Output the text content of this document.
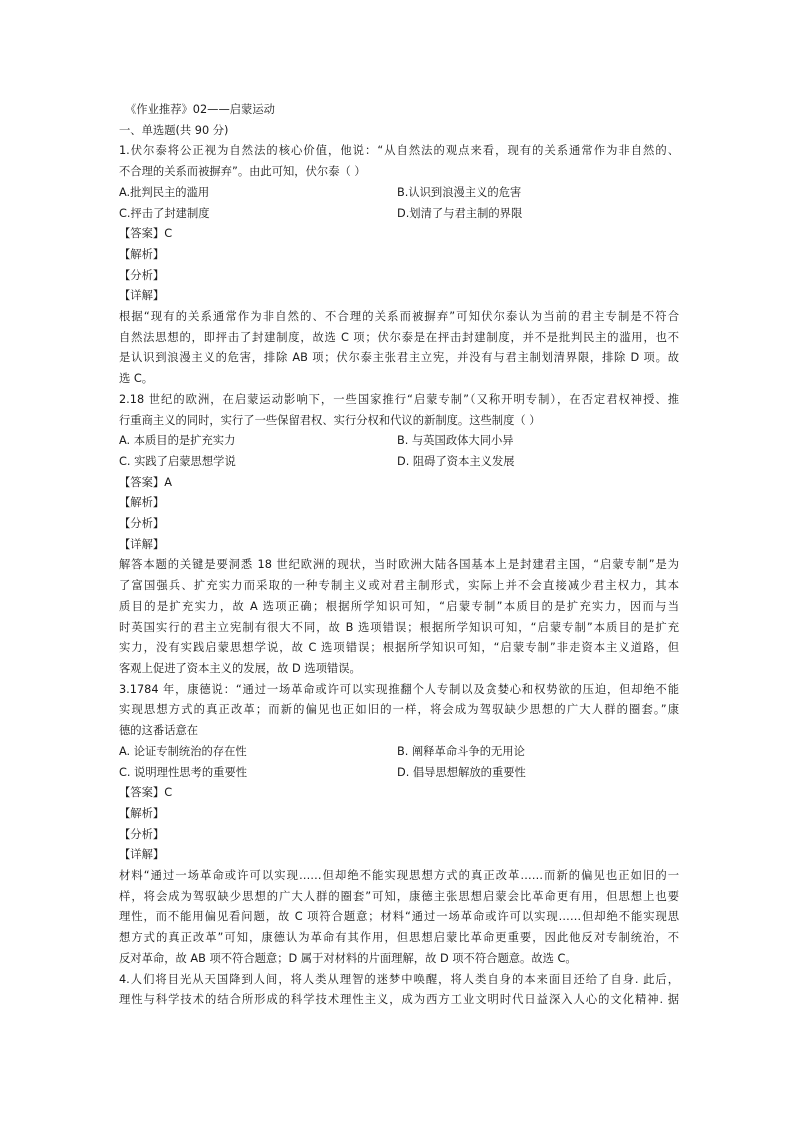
《作业推荐》02——启蒙运动
一、单选题(共 90 分)
1.伏尔泰将公正视为自然法的核心价值，他说：“从自然法的观点来看，现有的关系通常作为非自然的、
不合理的关系而被摒弃”。由此可知，伏尔泰（ ）
A.批判民主的滥用	B.认识到浪漫主义的危害
C.抨击了封建制度	D.划清了与君主制的界限
【答案】C
【解析】
【分析】
【详解】
根据“现有的关系通常作为非自然的、不合理的关系而被摒弃”可知伏尔泰认为当前的君主专制是不符合
自然法思想的，即抨击了封建制度，故选 C 项；伏尔泰是在抨击封建制度，并不是批判民主的滥用，也不
是认识到浪漫主义的危害，排除 AB 项；伏尔泰主张君主立宪，并没有与君主制划清界限，排除 D 项。故
选 C。
2.18 世纪的欧洲，在启蒙运动影响下，一些国家推行“启蒙专制”（又称开明专制），在否定君权神授、推
行重商主义的同时，实行了一些保留君权、实行分权和代议的新制度。这些制度（ ）
A. 本质目的是扩充实力	B. 与英国政体大同小异
C. 实践了启蒙思想学说	D. 阻碍了资本主义发展
【答案】A
【解析】
【分析】
【详解】
解答本题的关键是要洞悉 18 世纪欧洲的现状，当时欧洲大陆各国基本上是封建君主国，“启蒙专制”是为
了富国强兵、扩充实力而采取的一种专制主义或对君主制形式，实际上并不会直接减少君主权力，其本
质目的是扩充实力，故 A 选项正确；根据所学知识可知，“启蒙专制”本质目的是扩充实力，因而与当
时英国实行的君主立宪制有很大不同，故 B 选项错误；根据所学知识可知，“启蒙专制”本质目的是扩充
实力，没有实践启蒙思想学说，故 C 选项错误；根据所学知识可知，“启蒙专制”非走资本主义道路，但
客观上促进了资本主义的发展，故 D 选项错误。
3.1784 年，康德说：“通过一场革命或许可以实现推翻个人专制以及贪婪心和权势欲的压迫，但却绝不能
实现思想方式的真正改革；而新的偏见也正如旧的一样，将会成为驾驭缺少思想的广大人群的圈套。”康
德的这番话意在
A. 论证专制统治的存在性	B. 阐释革命斗争的无用论
C. 说明理性思考的重要性	D. 倡导思想解放的重要性
【答案】C
【解析】
【分析】
【详解】
材料“通过一场革命或许可以实现……但却绝不能实现思想方式的真正改革……而新的偏见也正如旧的一
样，将会成为驾驭缺少思想的广大人群的圈套”可知，康德主张思想启蒙会比革命更有用，但思想上也要
理性，而不能用偏见看问题，故 C 项符合题意；材料“通过一场革命或许可以实现……但却绝不能实现思
想方式的真正改革”可知，康德认为革命有其作用，但思想启蒙比革命更重要，因此他反对专制统治，不
反对革命，故 AB 项不符合题意；D 属于对材料的片面理解，故 D 项不符合题意。故选 C。
4.人们将目光从天国降到人间，将人类从理智的迷梦中唤醒，将人类自身的本来面目还给了自身. 此后，
理性与科学技术的结合所形成的科学技术理性主义，成为西方工业文明时代日益深入人心的文化精神. 据
